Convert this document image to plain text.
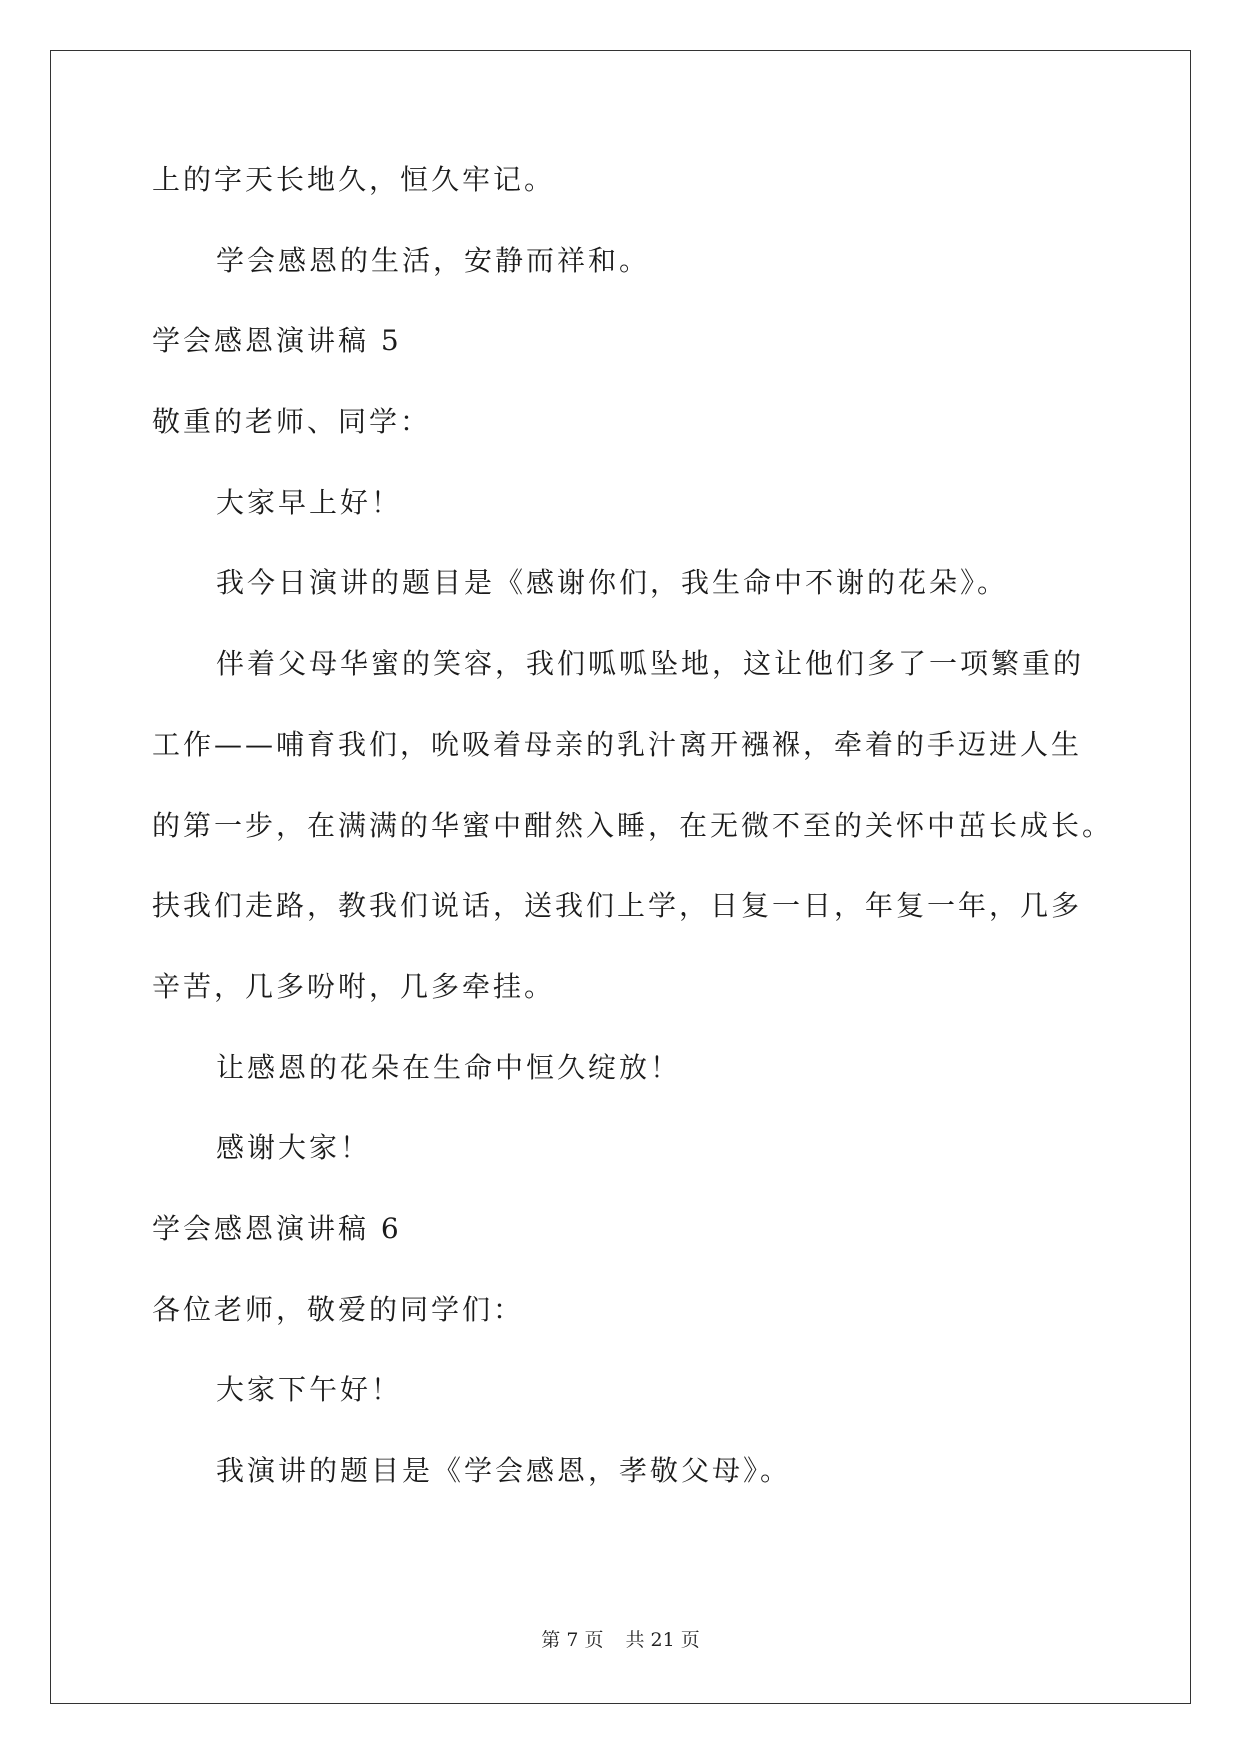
上的字天长地久，恒久牢记。

学会感恩的生活，安静而祥和。

学会感恩演讲稿 5

敬重的老师、同学：

大家早上好！

我今日演讲的题目是《感谢你们，我生命中不谢的花朵》。

伴着父母华蜜的笑容，我们呱呱坠地，这让他们多了一项繁重的

工作——哺育我们，吮吸着母亲的乳汁离开襁褓，牵着的手迈进人生

的第一步，在满满的华蜜中酣然入睡，在无微不至的关怀中茁长成长。

扶我们走路，教我们说话，送我们上学，日复一日，年复一年，几多

辛苦，几多吩咐，几多牵挂。

让感恩的花朵在生命中恒久绽放！

感谢大家！

学会感恩演讲稿 6

各位老师，敬爱的同学们：

大家下午好！

我演讲的题目是《学会感恩，孝敬父母》。

第 7 页 共 21 页
